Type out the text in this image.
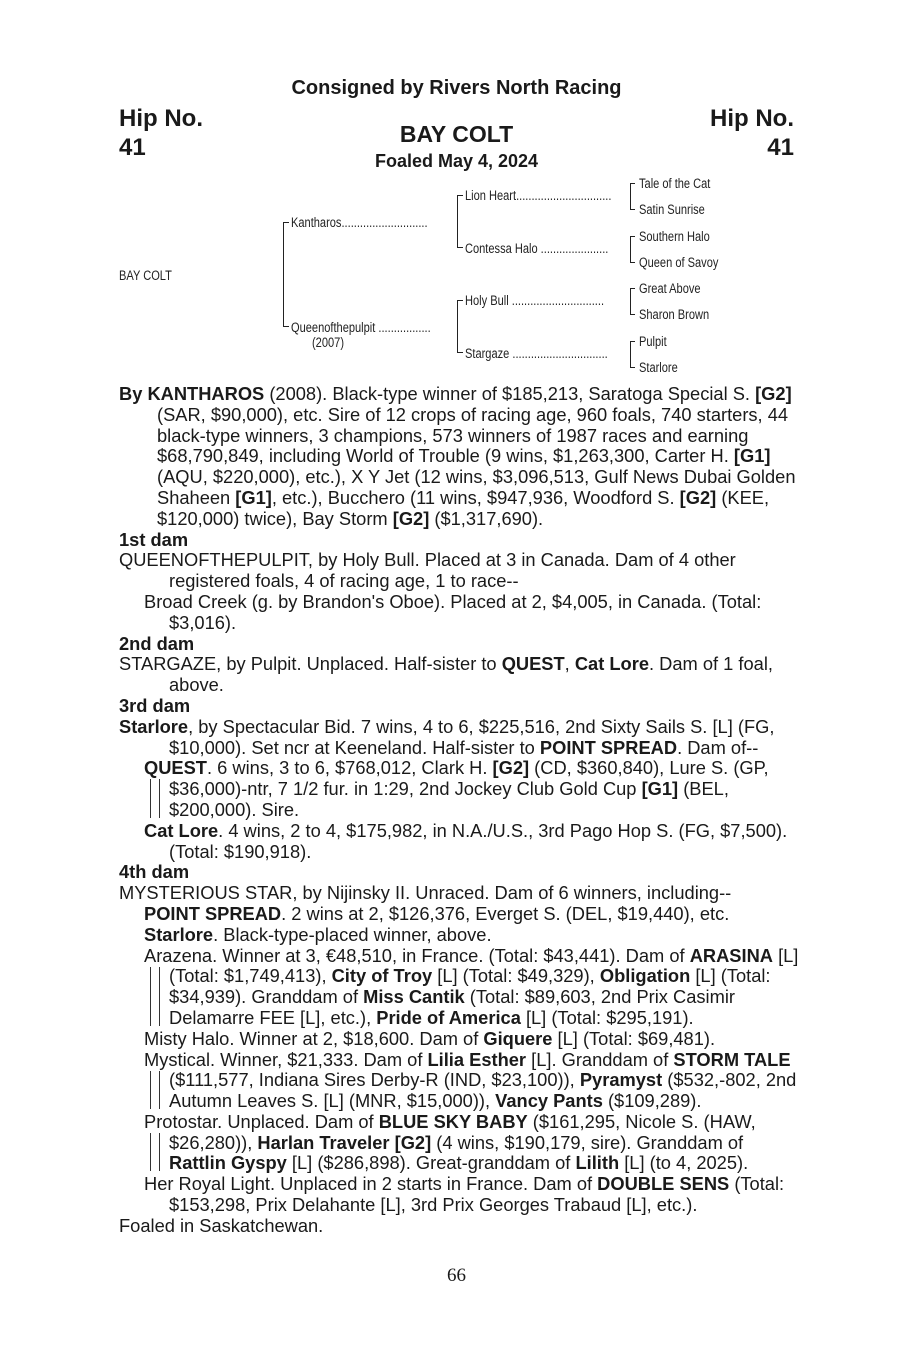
Consigned by Rivers North Racing
Hip No.
41
Hip No.
41
BAY COLT
Foaled May 4, 2024
BAY COLT
Kantharos............................
Queenofthepulpit .................
(2007)
Lion Heart...............................
Contessa Halo ......................
Holy Bull ..............................
Stargaze ...............................
Tale of the Cat
Satin Sunrise
Southern Halo
Queen of Savoy
Great Above
Sharon Brown
Pulpit
Starlore

By KANTHAROS (2008). Black-type winner of $185,213, Saratoga Special S. [G2] (SAR, $90,000), etc. Sire of 12 crops of racing age, 960 foals, 740 starters, 44 black-type winners, 3 champions, 573 winners of 1987 races and earning $68,790,849, including World of Trouble (9 wins, $1,263,300, Carter H. [G1] (AQU, $220,000), etc.), X Y Jet (12 wins, $3,096,513, Gulf News Dubai Golden Shaheen [G1], etc.), Bucchero (11 wins, $947,936, Woodford S. [G2] (KEE, $120,000) twice), Bay Storm [G2] ($1,317,690).

1st dam

QUEENOFTHEPULPIT, by Holy Bull. Placed at 3 in Canada. Dam of 4 other registered foals, 4 of racing age, 1 to race--

Broad Creek (g. by Brandon's Oboe). Placed at 2, $4,005, in Canada. (Total: $3,016).

2nd dam

STARGAZE, by Pulpit. Unplaced. Half-sister to QUEST, Cat Lore. Dam of 1 foal, above.

3rd dam

Starlore, by Spectacular Bid. 7 wins, 4 to 6, $225,516, 2nd Sixty Sails S. [L] (FG, $10,000). Set ncr at Keeneland. Half-sister to POINT SPREAD. Dam of--

QUEST. 6 wins, 3 to 6, $768,012, Clark H. [G2] (CD, $360,840), Lure S. (GP, $36,000)-ntr, 7 1/2 fur. in 1:29, 2nd Jockey Club Gold Cup [G1] (BEL, $200,000). Sire.

Cat Lore. 4 wins, 2 to 4, $175,982, in N.A./U.S., 3rd Pago Hop S. (FG, $7,500). (Total: $190,918).

4th dam

MYSTERIOUS STAR, by Nijinsky II. Unraced. Dam of 6 winners, including--

POINT SPREAD. 2 wins at 2, $126,376, Everget S. (DEL, $19,440), etc.

Starlore. Black-type-placed winner, above.

Arazena. Winner at 3, €48,510, in France. (Total: $43,441). Dam of ARASINA [L] (Total: $1,749,413), City of Troy [L] (Total: $49,329), Obligation [L] (Total: $34,939). Granddam of Miss Cantik (Total: $89,603, 2nd Prix Casimir Delamarre FEE [L], etc.), Pride of America [L] (Total: $295,191).

Misty Halo. Winner at 2, $18,600. Dam of Giquere [L] (Total: $69,481).

Mystical. Winner, $21,333. Dam of Lilia Esther [L]. Granddam of STORM TALE ($111,577, Indiana Sires Derby-R (IND, $23,100)), Pyramyst ($532,-802, 2nd Autumn Leaves S. [L] (MNR, $15,000)), Vancy Pants ($109,289).
Protostar. Unplaced. Dam of BLUE SKY BABY ($161,295, Nicole S. (HAW, $26,280)), Harlan Traveler [G2] (4 wins, $190,179, sire). Granddam of Rattlin Gyspy [L] ($286,898). Great-granddam of Lilith [L] (to 4, 2025).

Her Royal Light. Unplaced in 2 starts in France. Dam of DOUBLE SENS (Total: $153,298, Prix Delahante [L], 3rd Prix Georges Trabaud [L], etc.).

Foaled in Saskatchewan.

66
